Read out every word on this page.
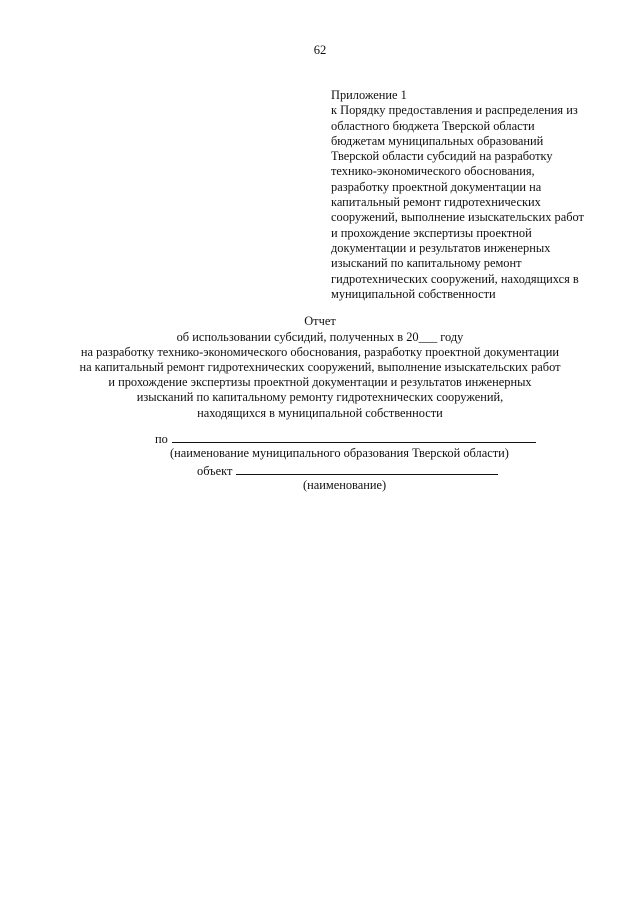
62
Приложение 1
к Порядку предоставления и распределения из
областного бюджета Тверской области
бюджетам муниципальных образований
Тверской области субсидий на разработку
технико-экономического обоснования,
разработку проектной документации на
капитальный ремонт гидротехнических
сооружений, выполнение изыскательских работ
и прохождение экспертизы проектной
документации и результатов инженерных
изысканий по капитальному ремонт
гидротехнических сооружений, находящихся в
муниципальной собственности
Отчет
об использовании субсидий, полученных в 20___ году
на разработку технико-экономического обоснования, разработку проектной документации
на капитальный ремонт гидротехнических сооружений, выполнение изыскательских работ
и прохождение экспертизы проектной документации и результатов инженерных
изысканий по капитальному ремонту гидротехнических сооружений,
находящихся в муниципальной собственности
по
(наименование муниципального образования Тверской области)
объект
(наименование)
